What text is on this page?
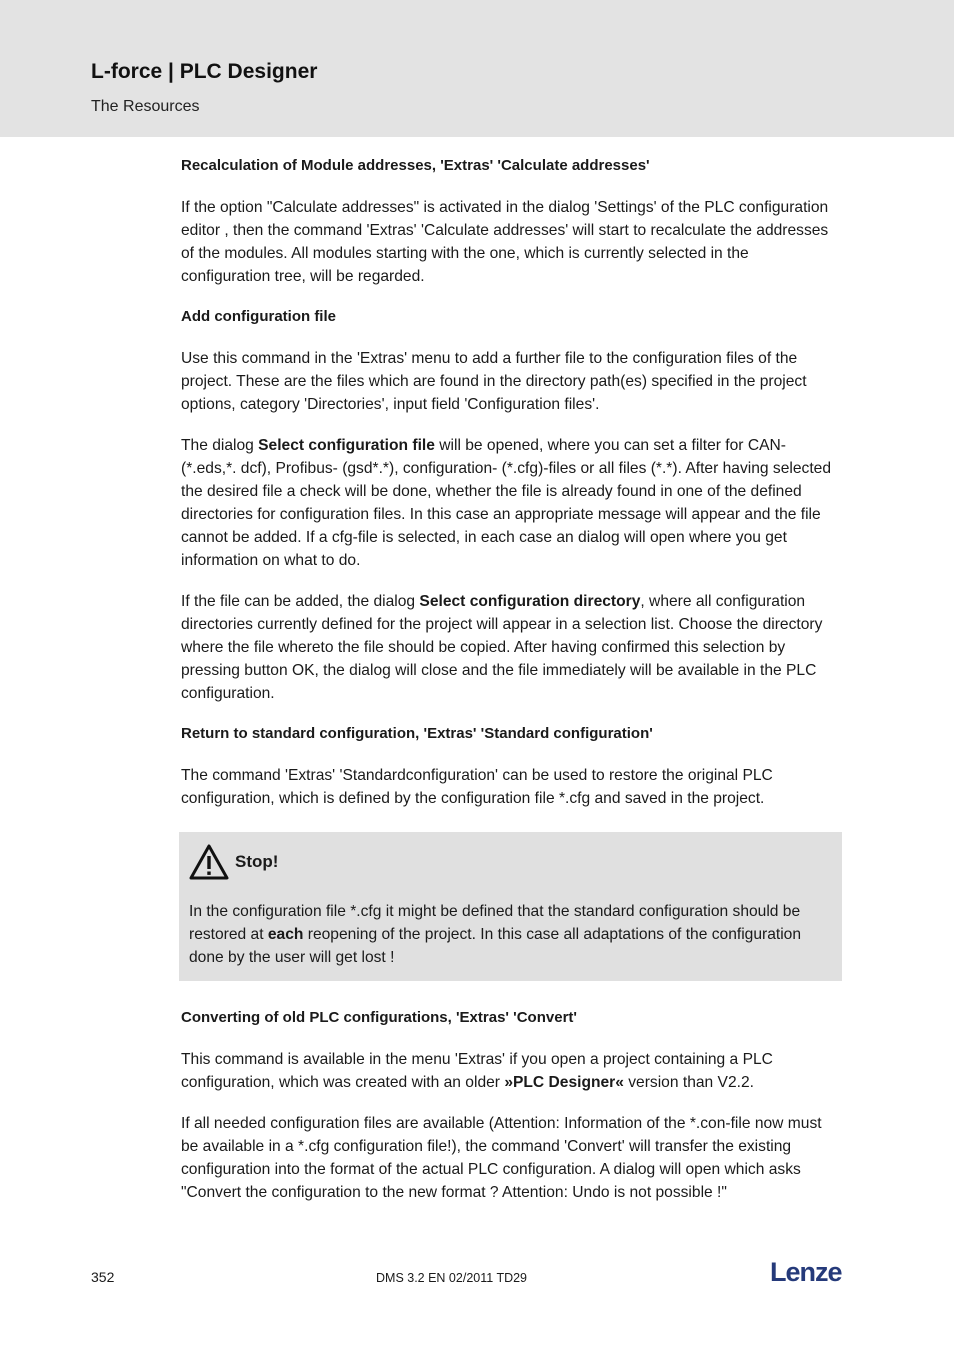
L-force | PLC Designer
The Resources
Recalculation of Module addresses, 'Extras' 'Calculate addresses'

If the option "Calculate addresses" is activated in the dialog 'Settings' of the PLC configuration editor , then the command 'Extras' 'Calculate addresses' will start to recalculate the addresses of the modules. All modules starting with the one, which is currently selected in the configuration tree, will be regarded.

Add configuration file

Use this command in the 'Extras' menu to add a further file to the configuration files of the project. These are the files which are found in the directory path(es) specified in the project options, category 'Directories', input field 'Configuration files'.

The dialog Select configuration file will be opened, where you can set a filter for CAN- (*.eds,*. dcf), Profibus- (gsd*.*), configuration- (*.cfg)-files or all files (*.*). After having selected the desired file a check will be done, whether the file is already found in one of the defined directories for configuration files. In this case an appropriate message will appear and the file cannot be added. If a cfg-file is selected, in each case an dialog will open where you get information on what to do.

If the file can be added, the dialog Select configuration directory, where all configuration directories currently defined for the project will appear in a selection list. Choose the directory where the file whereto the file should be copied. After having confirmed this selection by pressing button OK, the dialog will close and the file immediately will be available in the PLC configuration.

Return to standard configuration, 'Extras' 'Standard configuration'

The command 'Extras' 'Standardconfiguration' can be used to restore the original PLC configuration, which is defined by the configuration file *.cfg and saved in the project.

Stop!

In the configuration file *.cfg it might be defined that the standard configuration should be restored at each reopening of the project. In this case all adaptations of the configuration done by the user will get lost !

Converting of old PLC configurations, 'Extras' 'Convert'

This command is available in the menu 'Extras' if you open a project containing a PLC configuration, which was created with an older »PLC Designer« version than V2.2.

If all needed configuration files are available (Attention: Information of the *.con-file now must be available in a *.cfg configuration file!), the command 'Convert' will transfer the existing configuration into the format of the actual PLC configuration. A dialog will open which asks "Convert the configuration to the new format ? Attention: Undo is not possible !"

352	DMS 3.2 EN 02/2011 TD29	Lenze
